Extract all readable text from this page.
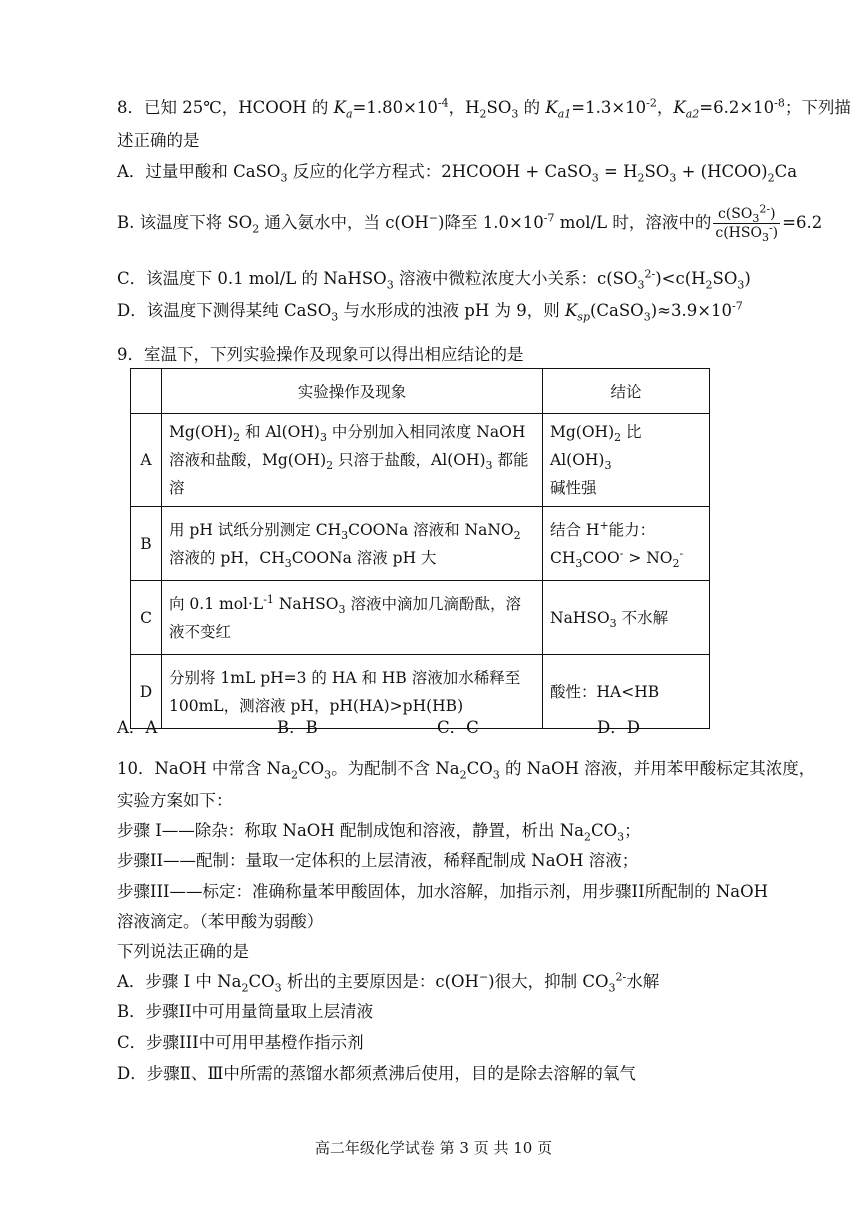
8．已知 25℃，HCOOH 的 $K_a=1.80\times 10^{-4}$，$H_2SO_3$ 的 $K_{a1}=1.3\times 10^{-2}$，$K_{a2}=6.2\times 10^{-8}$；下列描
述正确的是
A．过量甲酸和 CaSO$_3$ 反应的化学方程式：2HCOOH + CaSO$_3$ = $H_2SO_3$ + $(HCOO)_2Ca$
B. 该温度下将 $SO_2$ 通入氨水中，当 c(OH−)降至 $1.0\times 10^{-7}$ mol/L 时，溶液中的 $\frac{c(SO_3^{2-})}{c(HSO_3^-)} =6.2$
C．该温度下 0.1 mol/L 的 NaHSO$_3$ 溶液中微粒浓度大小关系：$c(SO_3^{2-})<c(H_2SO_3)$
D．该温度下测得某纯 CaSO$_3$ 与水形成的浊液 pH 为 9，则 $K_{sp}(CaSO_3)\approx 3.9\times 10^{-7}$
9．室温下，下列实验操作及现象可以得出相应结论的是
	实验操作及现象	结论
A	$Mg(OH)_2$ 和 $Al(OH)_3$ 中分别加入相同浓度 NaOH 溶液和盐酸，$Mg(OH)_2$ 只溶于盐酸，$Al(OH)_3$ 都能溶	$Mg(OH)_2$ 比 $Al(OH)_3$
碱性强
B	用 pH 试纸分别测定 $CH_3COONa$ 溶液和 NaNO$_2$ 溶液的 pH，$CH_3COONa$ 溶液 pH 大	结合 H+能力：
$CH_3COO^- > NO_2^-$
C	向 0.1 $mol\cdot L^{-1}$ NaHSO$_3$ 溶液中滴加几滴酚酞，溶液不变红	NaHSO$_3$ 不水解
D	分别将 1mL pH=3 的 HA 和 HB 溶液加水稀释至 100mL，测溶液 pH，pH(HA)>pH(HB)	酸性：HA<HB
A．A	B．B	C．C	D．D
10．NaOH 中常含 $Na_2CO_3$。为配制不含 $Na_2CO_3$ 的 NaOH 溶液，并用苯甲酸标定其浓度，
实验方案如下：
步骤 I——除杂：称取 NaOH 配制成饱和溶液，静置，析出 $Na_2CO_3$；
步骤II——配制：量取一定体积的上层清液，稀释配制成 NaOH 溶液；
步骤III——标定：准确称量苯甲酸固体，加水溶解，加指示剂，用步骤II所配制的 NaOH
溶液滴定。（苯甲酸为弱酸）
下列说法正确的是
A．步骤 I 中 $Na_2CO_3$ 析出的主要原因是：c(OH−)很大，抑制 $CO_3^{2-}$水解
B．步骤II中可用量筒量取上层清液
C．步骤III中可用甲基橙作指示剂
D．步骤Ⅱ、Ⅲ中所需的蒸馏水都须煮沸后使用，目的是除去溶解的氧气
高二年级化学试卷 第 3 页 共 10 页
